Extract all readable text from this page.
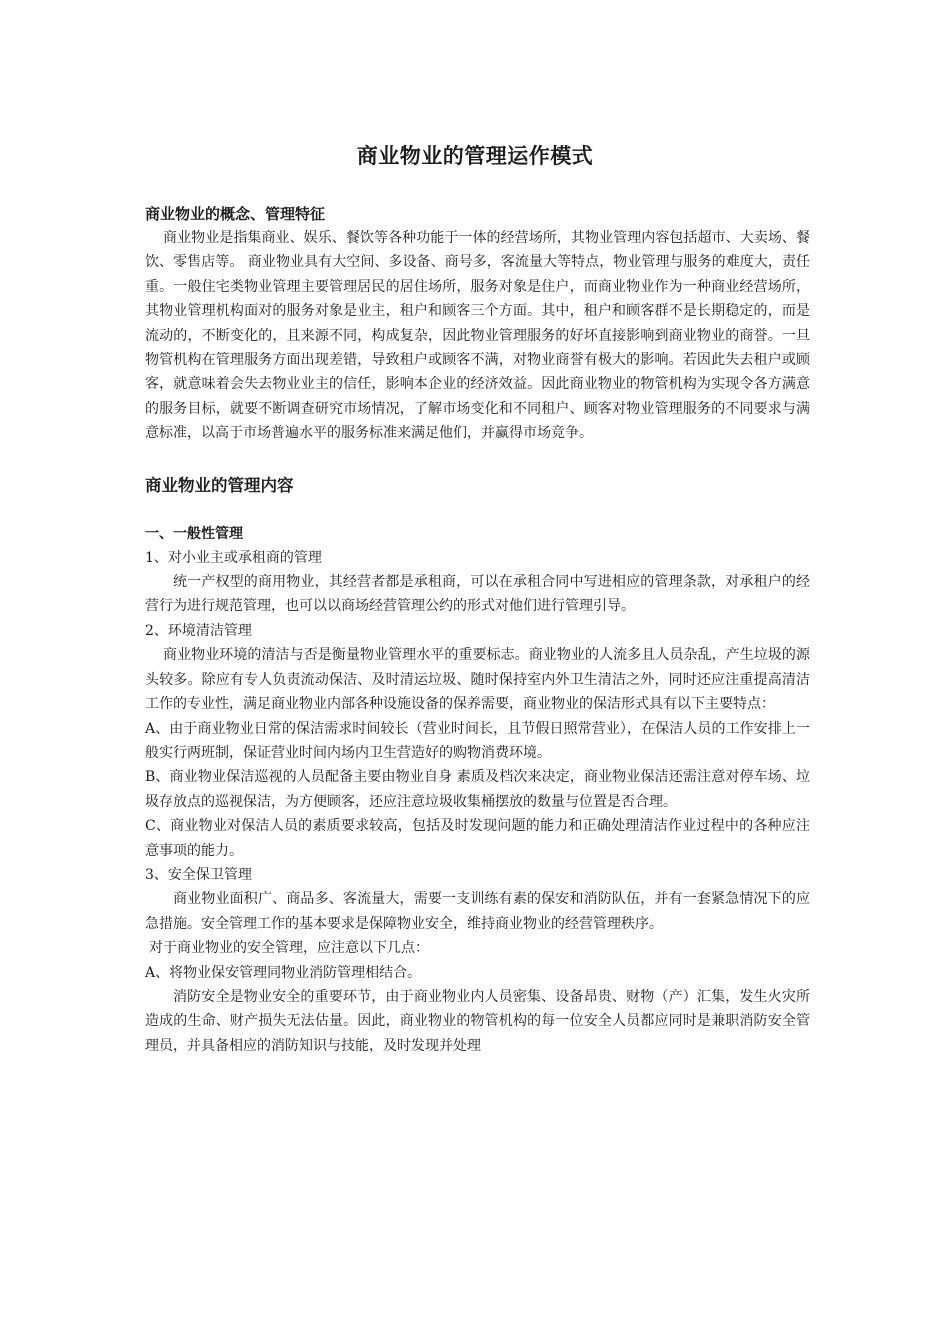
商业物业的管理运作模式

商业物业的概念、管理特征

商业物业是指集商业、娱乐、餐饮等各种功能于一体的经营场所，其物业管理内容包括超市、大卖场、餐饮、零售店等。 商业物业具有大空间、多设备、商号多，客流量大等特点，物业管理与服务的难度大，责任重。一般住宅类物业管理主要管理居民的居住场所，服务对象是住户，而商业物业作为一种商业经营场所，其物业管理机构面对的服务对象是业主，租户和顾客三个方面。其中，租户和顾客群不是长期稳定的，而是流动的，不断变化的，且来源不同，构成复杂，因此物业管理服务的好坏直接影响到商业物业的商誉。一旦物管机构在管理服务方面出现差错，导致租户或顾客不满，对物业商誉有极大的影响。若因此失去租户或顾客，就意味着会失去物业业主的信任，影响本企业的经济效益。因此商业物业的物管机构为实现令各方满意的服务目标，就要不断调查研究市场情况，了解市场变化和不同租户、顾客对物业管理服务的不同要求与满意标准，以高于市场普遍水平的服务标准来满足他们，并赢得市场竞争。

商业物业的管理内容

一、一般性管理

1、对小业主或承租商的管理

统一产权型的商用物业，其经营者都是承租商，可以在承租合同中写进相应的管理条款，对承租户的经营行为进行规范管理，也可以以商场经营管理公约的形式对他们进行管理引导。

2、环境清洁管理

商业物业环境的清洁与否是衡量物业管理水平的重要标志。商业物业的人流多且人员杂乱，产生垃圾的源头较多。除应有专人负责流动保洁、及时清运垃圾、随时保持室内外卫生清洁之外，同时还应注重提高清洁工作的专业性，满足商业物业内部各种设施设备的保养需要，商业物业的保洁形式具有以下主要特点：

A、由于商业物业日常的保洁需求时间较长（营业时间长，且节假日照常营业），在保洁人员的工作安排上一般实行两班制，保证营业时间内场内卫生营造好的购物消费环境。

B、商业物业保洁巡视的人员配备主要由物业自身 素质及档次来决定，商业物业保洁还需注意对停车场、垃圾存放点的巡视保洁，为方便顾客，还应注意垃圾收集桶摆放的数量与位置是否合理。

C、商业物业对保洁人员的素质要求较高，包括及时发现问题的能力和正确处理清洁作业过程中的各种应注意事项的能力。

3、安全保卫管理

商业物业面积广、商品多、客流量大，需要一支训练有素的保安和消防队伍，并有一套紧急情况下的应急措施。安全管理工作的基本要求是保障物业安全，维持商业物业的经营管理秩序。

对于商业物业的安全管理，应注意以下几点：

A、将物业保安管理同物业消防管理相结合。

消防安全是物业安全的重要环节，由于商业物业内人员密集、设备昂贵、财物（产）汇集，发生火灾所造成的生命、财产损失无法估量。因此，商业物业的物管机构的每一位安全人员都应同时是兼职消防安全管理员，并具备相应的消防知识与技能，及时发现并处理
